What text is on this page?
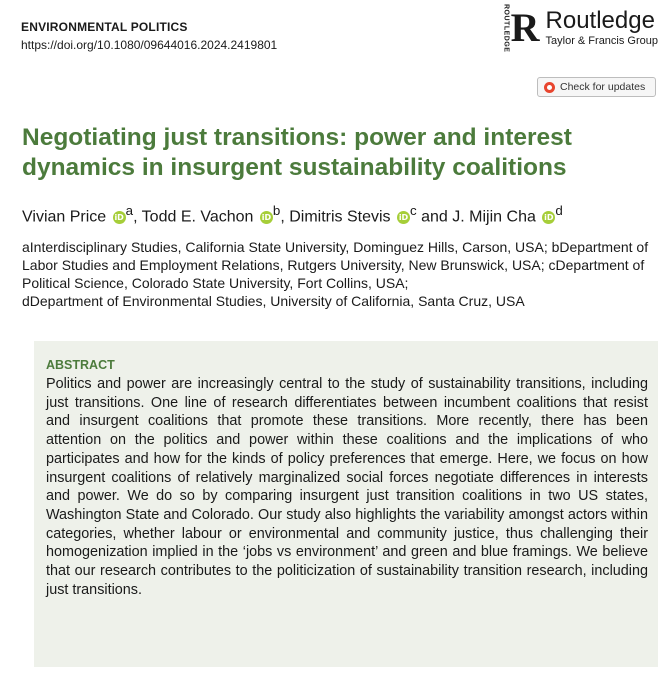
ENVIRONMENTAL POLITICS
https://doi.org/10.1080/09644016.2024.2419801	ROUTLEDGE R Routledge
Taylor & Francis Group
Check for updates
Negotiating just transitions: power and interest dynamics in insurgent sustainability coalitions
Vivian Price iD $^a$, Todd E. Vachon iD $^b$, Dimitris Stevis iD $^c$ and J. Mijin Cha iD $^d$

aInterdisciplinary Studies, California State University, Dominguez Hills, Carson, USA; bDepartment of Labor Studies and Employment Relations, Rutgers University, New Brunswick, USA; cDepartment of Political Science, Colorado State University, Fort Collins, USA;

dDepartment of Environmental Studies, University of California, Santa Cruz, USA

ABSTRACT

Politics and power are increasingly central to the study of sustainability transitions, including just transitions. One line of research differentiates between incumbent coalitions that resist and insurgent coalitions that promote these transitions. More recently, there has been attention on the politics and power within these coalitions and the implications of who participates and how for the kinds of policy preferences that emerge. Here, we focus on how insurgent coalitions of relatively marginalized social forces negotiate differences in interests and power. We do so by comparing insurgent just transition coalitions in two US states, Washington State and Colorado. Our study also highlights the variability amongst actors within categories, whether labour or environmental and community justice, thus challenging their homogenization implied in the ‘jobs vs environment’ and green and blue framings. We believe that our research contributes to the politicization of sustainability transition research, including just transitions.
